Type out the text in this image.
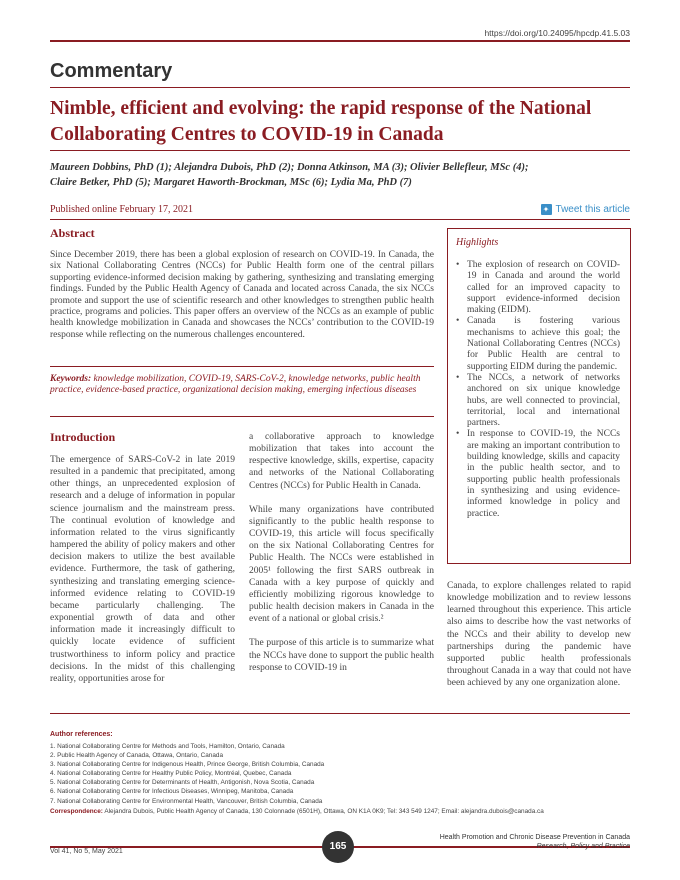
https://doi.org/10.24095/hpcdp.41.5.03
Commentary
Nimble, efficient and evolving: the rapid response of the National Collaborating Centres to COVID-19 in Canada
Maureen Dobbins, PhD (1); Alejandra Dubois, PhD (2); Donna Atkinson, MA (3); Olivier Bellefleur, MSc (4);
Claire Betker, PhD (5); Margaret Haworth-Brockman, MSc (6); Lydia Ma, PhD (7)
Published online February 17, 2021	✦ Tweet this article
Abstract

Since December 2019, there has been a global explosion of research on COVID-19. In Canada, the six National Collaborating Centres (NCCs) for Public Health form one of the central pillars supporting evidence-informed decision making by gathering, synthesizing and translating emerging findings. Funded by the Public Health Agency of Canada and located across Canada, the six NCCs promote and support the use of scientific research and other knowledges to strengthen public health practice, programs and policies. This paper offers an overview of the NCCs as an example of public health knowledge mobilization in Canada and showcases the NCCs’ contribution to the COVID-19 response while reflecting on the numerous challenges encountered.

Keywords: knowledge mobilization, COVID-19, SARS-CoV-2, knowledge networks, public health practice, evidence-based practice, organizational decision making, emerging infectious diseases

Introduction

The emergence of SARS-CoV-2 in late 2019 resulted in a pandemic that precipitated, among other things, an unprecedented explosion of research and a deluge of information in popular science journalism and the mainstream press. The continual evolution of knowledge and information related to the virus significantly hampered the ability of policy makers and other decision makers to utilize the best available evidence. Furthermore, the task of gathering, synthesizing and translating emerging science-informed evidence relating to COVID-19 became particularly challenging. The exponential growth of data and other information made it increasingly difficult to quickly locate evidence of sufficient trustworthiness to inform policy and practice decisions. In the midst of this challenging reality, opportunities arose for

a collaborative approach to knowledge mobilization that takes into account the respective knowledge, skills, expertise, capacity and networks of the National Collaborating Centres (NCCs) for Public Health in Canada.

While many organizations have contributed significantly to the public health response to COVID-19, this article will focus specifically on the six National Collaborating Centres for Public Health. The NCCs were established in 2005¹ following the first SARS outbreak in Canada with a key purpose of quickly and efficiently mobilizing rigorous knowledge to public health decision makers in Canada in the event of a national or global crisis.²

The purpose of this article is to summarize what the NCCs have done to support the public health response to COVID-19 in

Highlights
• The explosion of research on COVID-19 in Canada and around the world called for an improved capacity to support evidence-informed decision making (EIDM).
• Canada is fostering various mechanisms to achieve this goal; the National Collaborating Centres (NCCs) for Public Health are central to supporting EIDM during the pandemic.
• The NCCs, a network of networks anchored on six unique knowledge hubs, are well connected to provincial, territorial, local and international partners.
• In response to COVID-19, the NCCs are making an important contribution to building knowledge, skills and capacity in the public health sector, and to supporting public health professionals in synthesizing and using evidence-informed knowledge in policy and practice.

Canada, to explore challenges related to rapid knowledge mobilization and to review lessons learned throughout this experience. This article also aims to describe how the vast networks of the NCCs and their ability to develop new partnerships during the pandemic have supported public health professionals throughout Canada in a way that could not have been achieved by any one organization alone.

Author references:
1. National Collaborating Centre for Methods and Tools, Hamilton, Ontario, Canada
2. Public Health Agency of Canada, Ottawa, Ontario, Canada
3. National Collaborating Centre for Indigenous Health, Prince George, British Columbia, Canada
4. National Collaborating Centre for Healthy Public Policy, Montréal, Quebec, Canada
5. National Collaborating Centre for Determinants of Health, Antigonish, Nova Scotia, Canada
6. National Collaborating Centre for Infectious Diseases, Winnipeg, Manitoba, Canada
7. National Collaborating Centre for Environmental Health, Vancouver, British Columbia, Canada
Correspondence: Alejandra Dubois, Public Health Agency of Canada, 130 Colonnade (6501H), Ottawa, ON K1A 0K9; Tel: 343 549 1247; Email: alejandra.dubois@canada.ca
Vol 41, No 5, May 2021	165
Health Promotion and Chronic Disease Prevention in Canada
Research, Policy and Practice
